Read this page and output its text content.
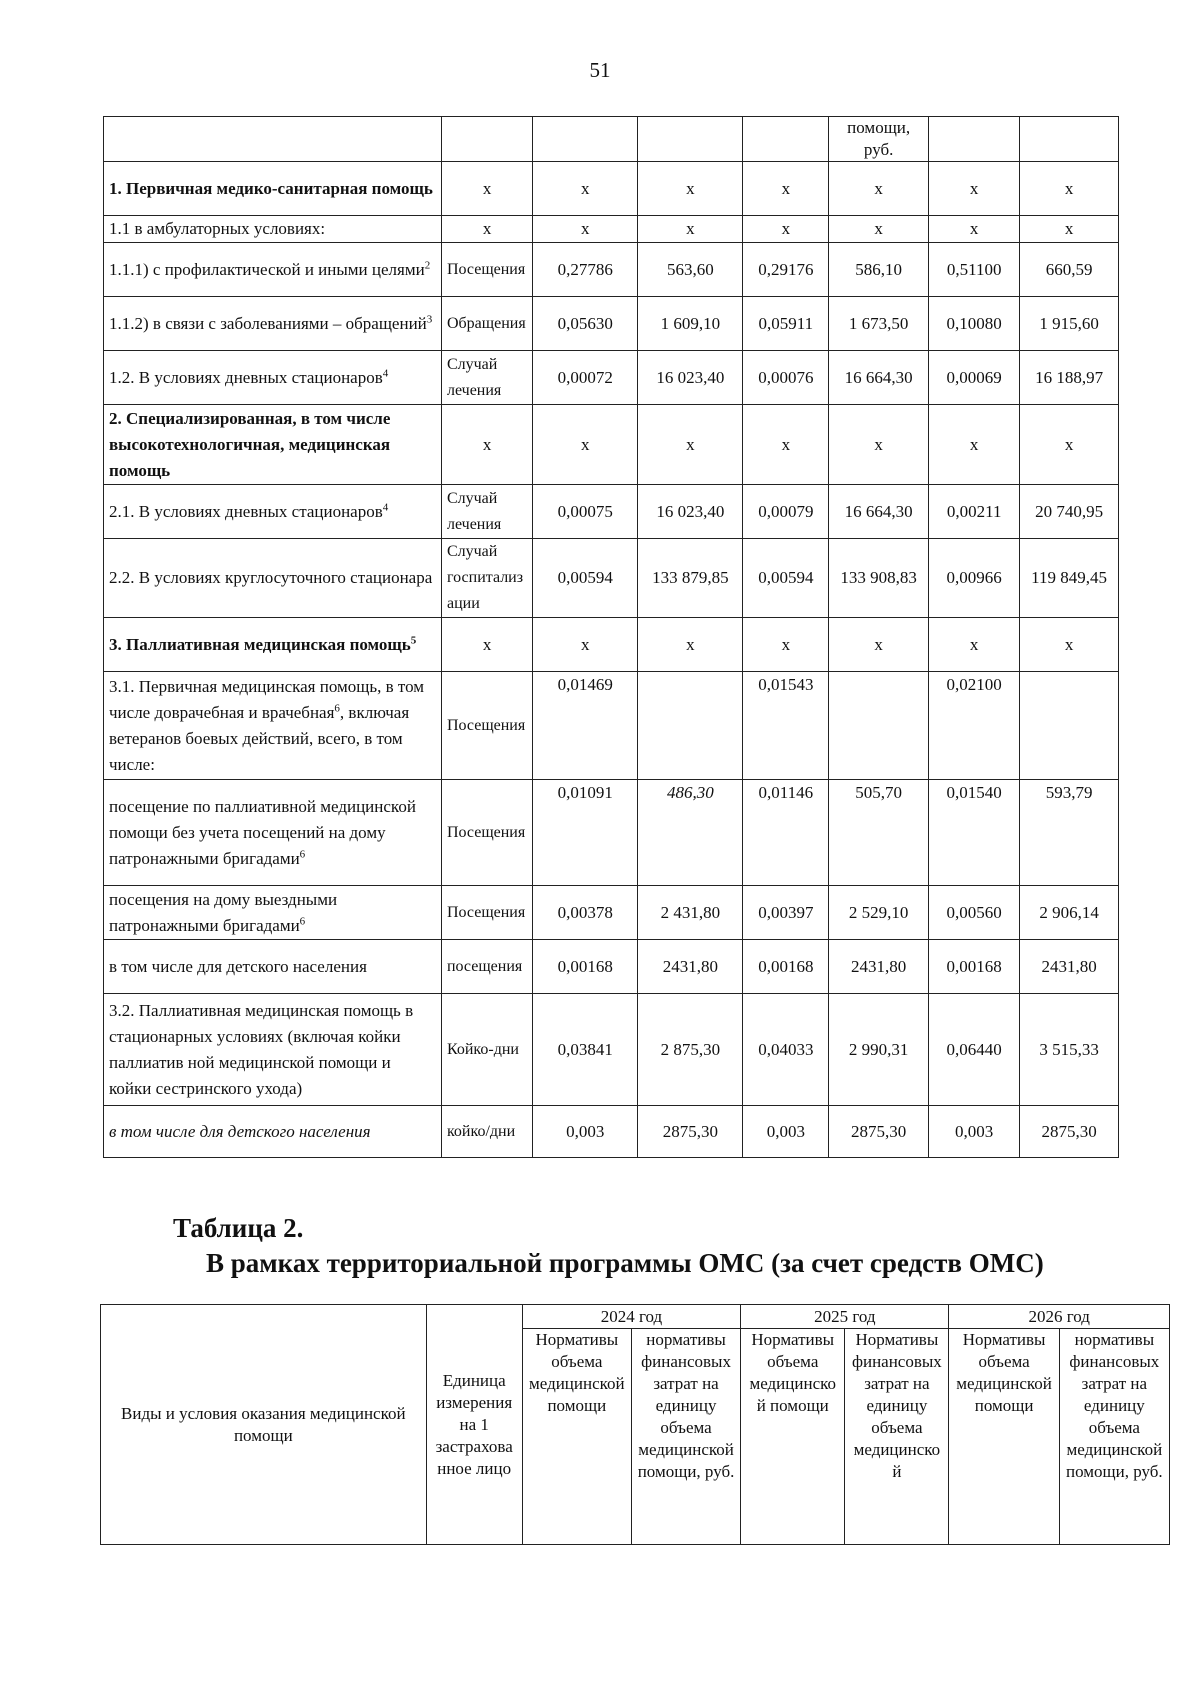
51
					помощи, руб.		
1. Первичная медико-санитарная помощь	х	х	х	х	х	х	х
1.1 в амбулаторных условиях:	х	х	х	х	х	х	х
1.1.1) с профилактической и иными целями$^2$	Посещения	0,27786	563,60	0,29176	586,10	0,51100	660,59
1.1.2) в связи с заболеваниями – обращений$^3$	Обращения	0,05630	1 609,10	0,05911	1 673,50	0,10080	1 915,60
1.2. В условиях дневных стационаров$^4$	Случай лечения	0,00072	16 023,40	0,00076	16 664,30	0,00069	16 188,97
2. Специализированная, в том числе высокотехнологичная, медицинская помощь	х	х	х	х	х	х	х
2.1. В условиях дневных стационаров$^4$	Случай лечения	0,00075	16 023,40	0,00079	16 664,30	0,00211	20 740,95
2.2. В условиях круглосуточного стационара	Случай госпитализации	0,00594	133 879,85	0,00594	133 908,83	0,00966	119 849,45
3. Паллиативная медицинская помощь$^5$	х	х	х	х	х	х	х
3.1. Первичная медицинская помощь, в том числе доврачебная и врачебная$^6$, включая ветеранов боевых действий, всего, в том числе:	Посещения	0,01469		0,01543		0,02100	
посещение по паллиативной медицинской помощи без учета посещений на дому патронажными бригадами$^6$	Посещения	0,01091	486,30	0,01146	505,70	0,01540	593,79
посещения на дому выездными патронажными бригадами$^6$	Посещения	0,00378	2 431,80	0,00397	2 529,10	0,00560	2 906,14
в том числе для детского населения	посещения	0,00168	2431,80	0,00168	2431,80	0,00168	2431,80
3.2. Паллиативная медицинская помощь в стационарных условиях (включая койки паллиатив ной медицинской помощи и койки сестринского ухода)	Койко-дни	0,03841	2 875,30	0,04033	2 990,31	0,06440	3 515,33
в том числе для детского населения	койко/дни	0,003	2875,30	0,003	2875,30	0,003	2875,30
Таблица 2.
В рамках территориальной программы ОМС (за счет средств ОМС)
Виды и условия оказания медицинской помощи	Единица измерения на 1 застрахованное лицо	2024 год		2025 год		2026 год	
		Нормативы объема медицинской помощи	нормативы финансовых затрат на единицу объема медицинской помощи, руб.	Нормативы объема медицинской помощи	Нормативы финансовых затрат на единицу объема медицинской	Нормативы объема медицинской помощи	нормативы финансовых затрат на единицу объема медицинской помощи, руб.
